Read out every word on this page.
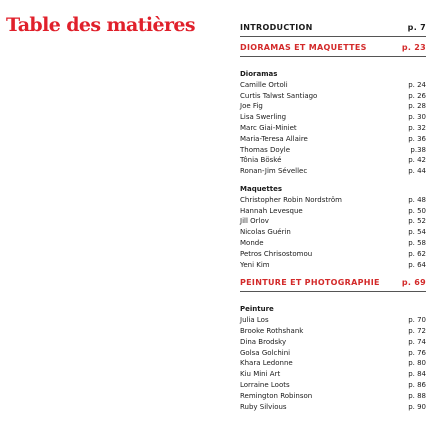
Table des matières	INTRODUCTION	p. 7
DIORAMAS ET MAQUETTES	p. 23
Dioramas
Camille Ortoli	p. 24
Curtis Talwst Santiago	p. 26
Joe Fig	p. 28
Lisa Swerling	p. 30
Marc Giai-Miniet	p. 32
Maria-Teresa Allaire	p. 36
Thomas Doyle	p.38
Tônia Böské	p. 42
Ronan-Jim Sévellec	p. 44
Maquettes
Christopher Robin Nordström	p. 48
Hannah Levesque	p. 50
Jill Orlov	p. 52
Nicolas Guérin	p. 54
Monde	p. 58
Petros Chrisostomou	p. 62
Yeni Kim	p. 64
PEINTURE ET PHOTOGRAPHIE	p. 69
Peinture
Julia Los	p. 70
Brooke Rothshank	p. 72
Dina Brodsky	p. 74
Golsa Golchini	p. 76
Khara Ledonne	p. 80
Kiu Mini Art	p. 84
Lorraine Loots	p. 86
Remington Robinson	p. 88
Ruby Silvious	p. 90
